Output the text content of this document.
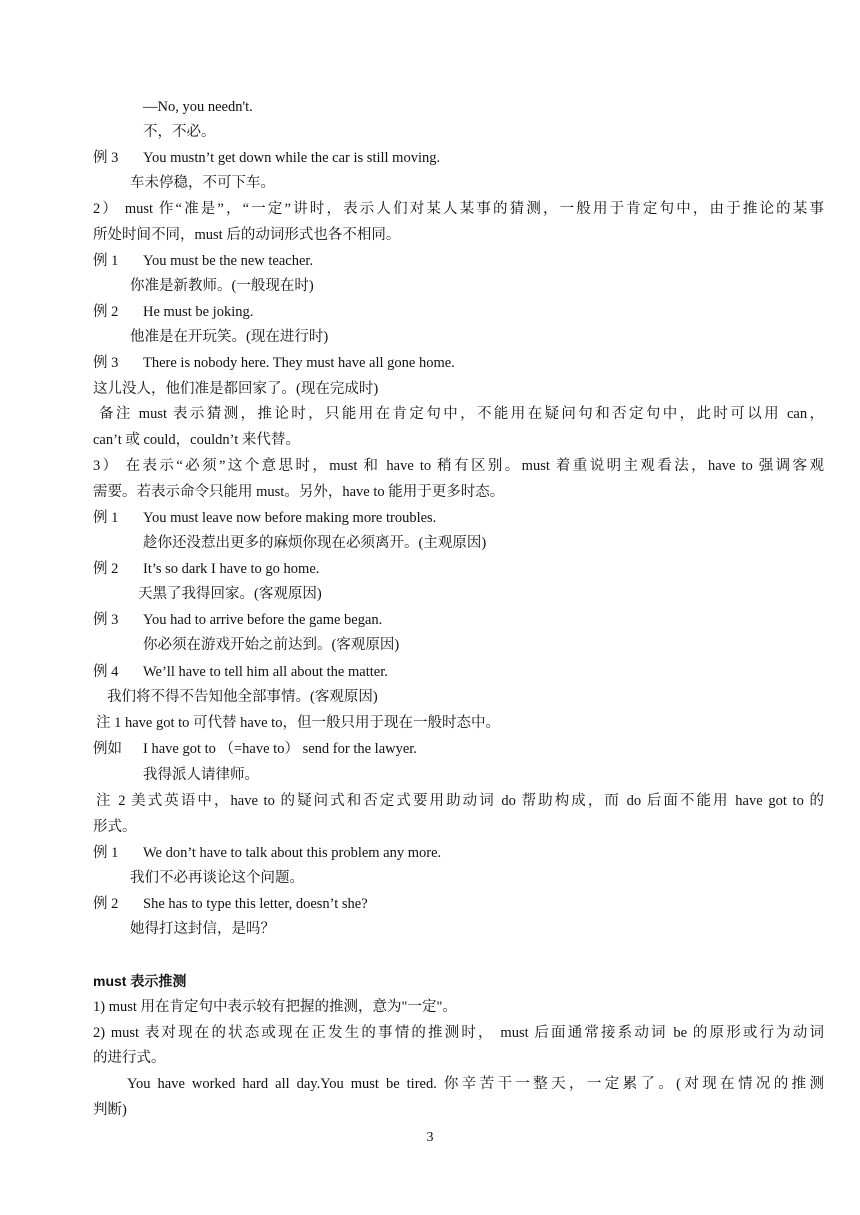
—No, you needn't.
不，不必。
例 3 You mustn’t get down while the car is still moving.
车未停稳，不可下车。
2） must 作“准是”，“一定”讲时，表示人们对某人某事的猜测，一般用于肯定句中，由于推论的某事
所处时间不同，must 后的动词形式也各不相同。
例 1 You must be the new teacher.
你准是新教师。(一般现在时)
例 2 He must be joking.
他准是在开玩笑。(现在进行时)
例 3 There is nobody here. They must have all gone home.
这儿没人，他们准是都回家了。(现在完成时)
备注 must 表示猜测，推论时，只能用在肯定句中，不能用在疑问句和否定句中，此时可以用 can，
can’t 或 could，couldn’t 来代替。
3） 在表示“必须”这个意思时，must 和 have to 稍有区别。must 着重说明主观看法，have to 强调客观
需要。若表示命令只能用 must。另外，have to 能用于更多时态。
例 1 You must leave now before making more troubles.
趁你还没惹出更多的麻烦你现在必须离开。(主观原因)
例 2 It’s so dark I have to go home.
天黑了我得回家。(客观原因)
例 3 You had to arrive before the game began.
你必须在游戏开始之前达到。(客观原因)
例 4 We’ll have to tell him all about the matter.
我们将不得不告知他全部事情。(客观原因)
注 1 have got to 可代替 have to，但一般只用于现在一般时态中。
例如 I have got to （=have to） send for the lawyer.
我得派人请律师。
注 2 美式英语中，have to 的疑问式和否定式要用助动词 do 帮助构成，而 do 后面不能用 have got to 的
形式。
例 1 We don’t have to talk about this problem any more.
我们不必再谈论这个问题。
例 2 She has to type this letter, doesn’t she?
她得打这封信，是吗？
must 表示推测
1) must 用在肯定句中表示较有把握的推测，意为"一定"。
2) must 表对现在的状态或现在正发生的事情的推测时， must 后面通常接系动词 be 的原形或行为动词
的进行式。
You have worked hard all day.You must be tired. 你辛苦干一整天，一定累了。(对现在情况的推测
判断)
3
